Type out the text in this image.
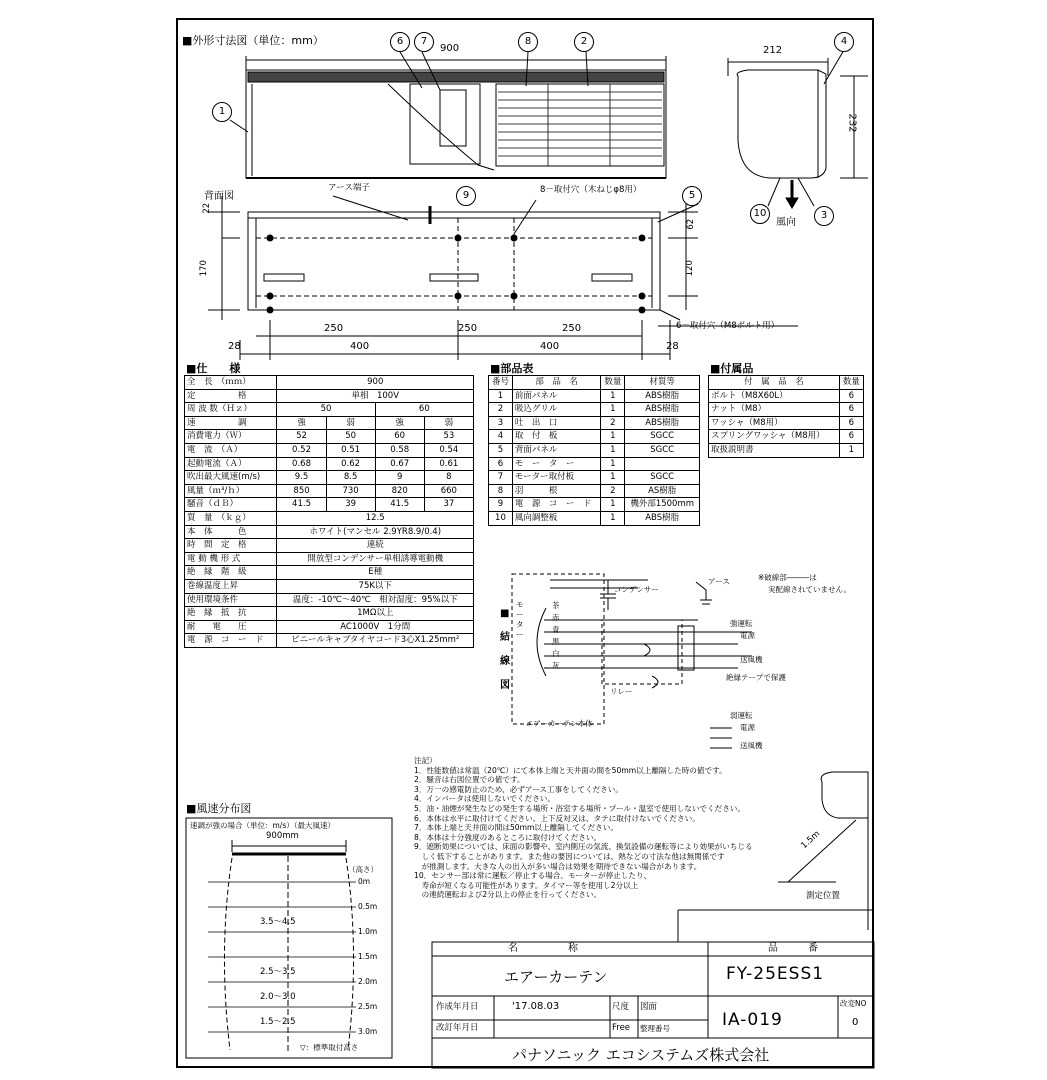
■外形寸法図（単位：mm）
900	212
232
風向
1
2
3
4
6	7	8
9
10
5
背面図
アース端子	8－取付穴（木ねじφ8用）
6－取付穴（M8ボルト用）
22
170
62
120
250	250	250
28	400	400	28
■仕　　様
全　長　（ｍｍ）	900			
定　　　　　格	単相　100V			
周 波 数（Ｈｚ）	50		60	
速　　　　　調	強	弱	強	弱
消費電力（Ｗ）	52	50	60	53
電　流　（Ａ）	0.52	0.51	0.58	0.54
起動電流（Ａ）	0.68	0.62	0.67	0.61
吹出最大風速(m/s)	9.5	8.5	9	8
風量（ｍ³/ｈ）	850	730	820	660
騒音（ｄＢ）	41.5	39	41.5	37
質　量　（ｋｇ）	12.5			
本　体　　　色	ホワイト(マンセル 2.9YR8.9/0.4)			
時　間　定　格	連続			
電 動 機 形 式	開放型コンデンサー単相誘導電動機			
絶　縁　階　級	E種			
巻線温度上昇	75K以下			
使用環境条件	温度：-10℃～40℃　相対湿度：95%以下			
絶　縁　抵　抗	1MΩ以上			
耐　　電　　圧	AC1000V　1分間			
電　源　コ　ー　ド	ビニールキャブタイヤコード3心X1.25mm²			
■部品表
番号	部　品　名	数量	材質等
1	前面パネル	1	ABS樹脂
2	吸込グリル	1	ABS樹脂
3	吐　出　口	2	ABS樹脂
4	取　付　板	1	SGCC
5	背面パネル	1	SGCC
6	モ　ー　タ　ー	1	
7	モーター取付板	1	SGCC
8	羽　　　根	2	AS樹脂
9	電　源　コ　ー　ド	1	機外部1500mm
10	風向調整板	1	ABS樹脂
■付属品
付　属　品　名	数量
ボルト（M8X60L）	6
ナット（M8）	6
ワッシャ（M8用）	6
スプリングワッシャ（M8用）	6
取扱説明書	1
■結線図
モーター
コンデンサー
アース	※破線部―――は
実配線されていません。
茶
赤
青
黒
白
灰
リレー
エアーカーテン本体
強運転
電源
送風機
絶縁テープで保護
弱運転
電源
送風機
■風速分布図
速調が強の場合（単位：m/s）（最大風速）
900mm
（高さ）
0m
0.5m
1.0m
1.5m
2.0m
2.5m
3.0m
3.5～4.5
2.5～3.5
2.0～3.0
1.5～2.5
▽：標準取付高さ
注記）
1．性能数値は常温（20℃）にて本体上端と天井面の間を50mm以上離隔した時の値です。
2．騒音は右図位置での値です。
3．万一の感電防止のため、必ずアース工事をしてください。
4．インバータは使用しないでください。
5．油・油煙が発生などの発生する場所・浴室する場所・プール・温室で使用しないでください。
6．本体は水平に取付けてください。上下反対又は、タテに取付けないでください。
7．本体上端と天井面の間は50mm以上離隔してください。
8．本体は十分強度のあるところに取付けてください。
9．遮断効果については、床面の影響や、室内側圧の気流、換気設備の運転等により効果がいちじる
　しく低下することがあります。また他の要因については、熱などの寸法な他は無関係です
　が推測します。大きな人の出入が多い場合は効果を期待できない場合があります。
10．センサー部は常に運転／停止する場合、モーターが停止したり、
　寿命が短くなる可能性があります。タイマー等を使用し2分以上
　の連続運転および2分以上の停止を行ってください。
1.5m
測定位置
名　　　　　称	品　　　番
エアーカーテン	FY-25ESS1
作成年月日	'17.08.03	尺度 図面
改訂年月日	Free 整理番号	IA-019
改変NO
0
パナソニック エコシステムズ株式会社
